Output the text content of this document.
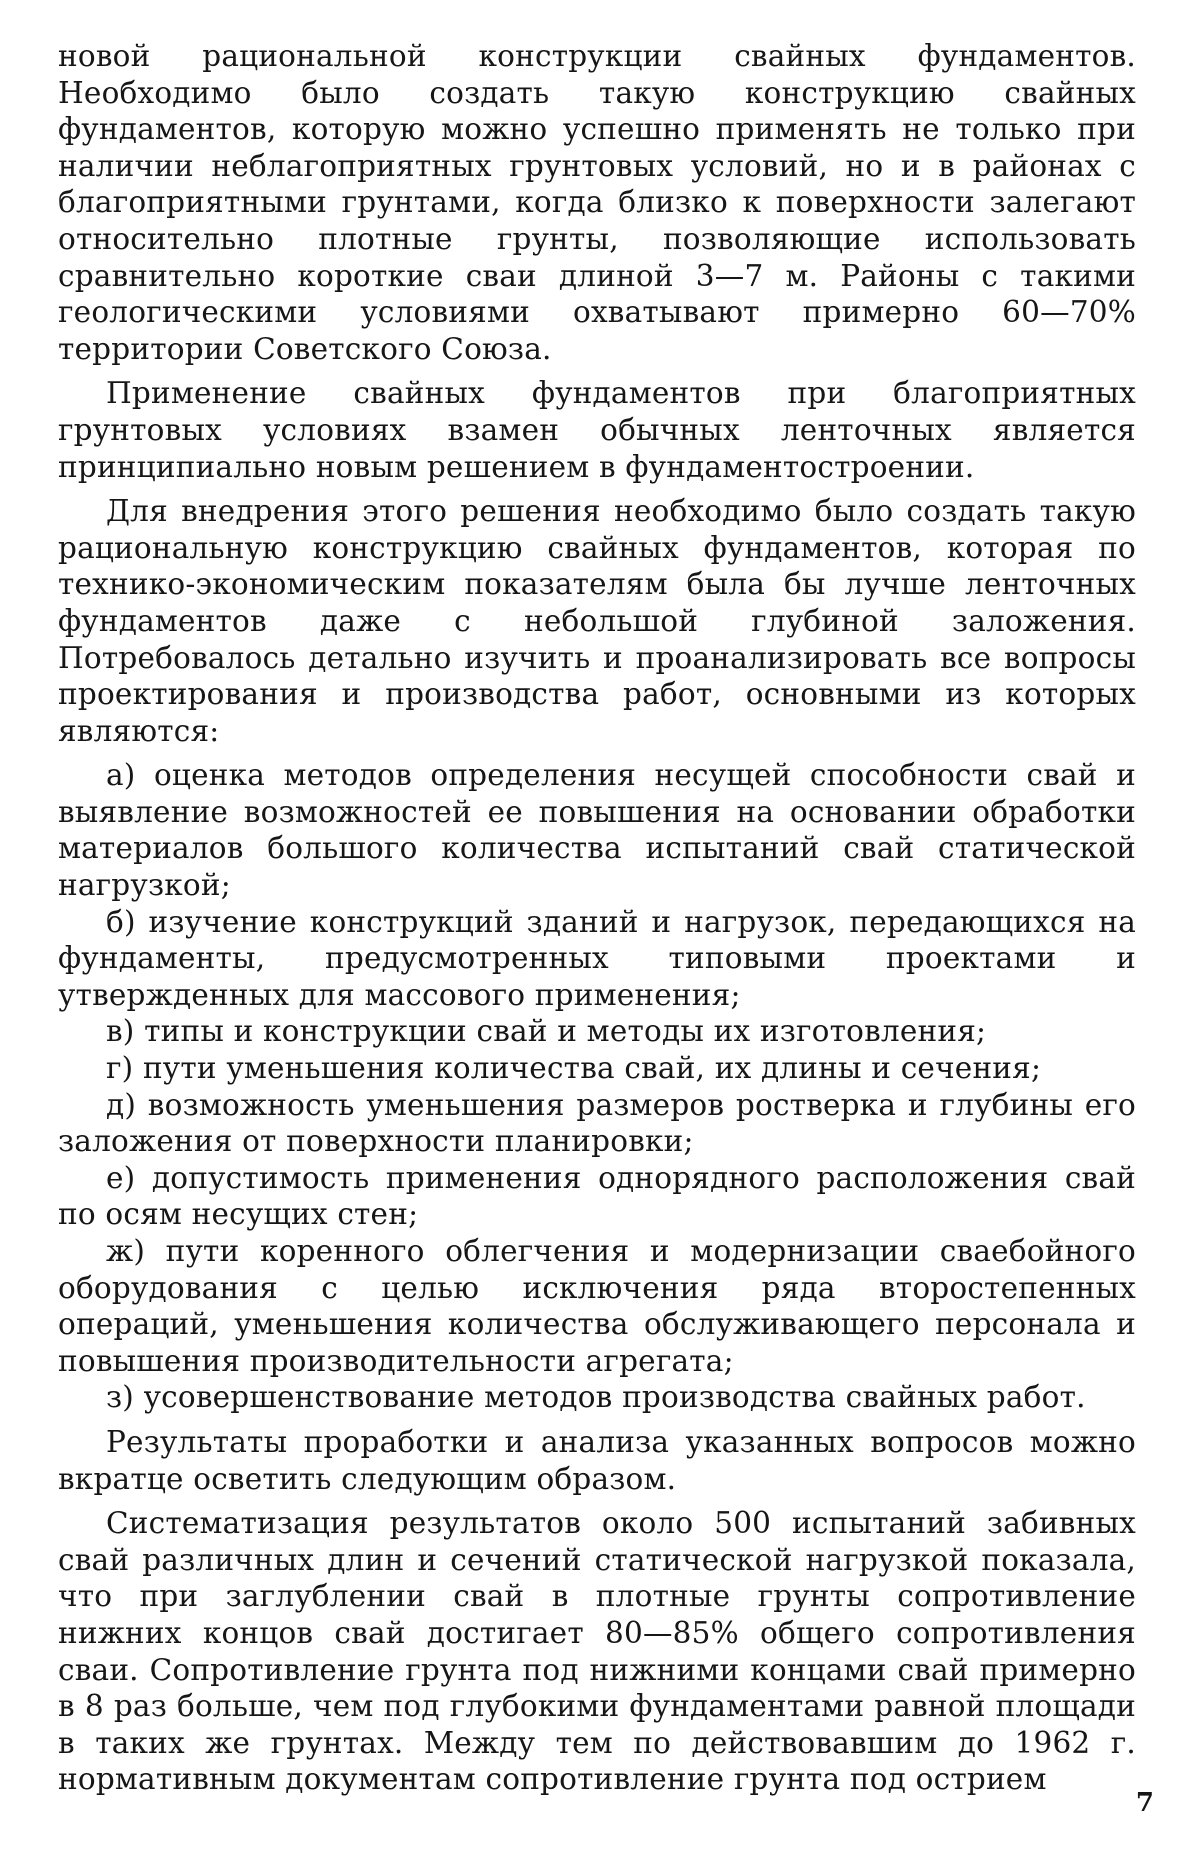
новой рациональной конструкции свайных фундаментов. Необходимо было создать такую конструкцию свайных фундаментов, которую можно успешно применять не только при наличии неблагоприятных грунтовых условий, но и в районах с благоприятными грунтами, когда близко к поверхности залегают относительно плотные грунты, позволяющие использовать сравнительно короткие сваи длиной 3—7 м. Районы с такими геологическими условиями охватывают примерно 60—70% территории Советского Союза.

Применение свайных фундаментов при благоприятных грунтовых условиях взамен обычных ленточных является принципиально новым решением в фундаментостроении.

Для внедрения этого решения необходимо было создать такую рациональную конструкцию свайных фундаментов, которая по технико-экономическим показателям была бы лучше ленточных фундаментов даже с небольшой глубиной заложения. Потребовалось детально изучить и проанализировать все вопросы проектирования и производства работ, основными из которых являются:

а) оценка методов определения несущей способности свай и выявление возможностей ее повышения на основании обработки материалов большого количества испытаний свай статической нагрузкой;

б) изучение конструкций зданий и нагрузок, передающихся на фундаменты, предусмотренных типовыми проектами и утвержденных для массового применения;

в) типы и конструкции свай и методы их изготовления;

г) пути уменьшения количества свай, их длины и сечения;

д) возможность уменьшения размеров ростверка и глубины его заложения от поверхности планировки;

е) допустимость применения однорядного расположения свай по осям несущих стен;

ж) пути коренного облегчения и модернизации сваебойного оборудования с целью исключения ряда второстепенных операций, уменьшения количества обслуживающего персонала и повышения производительности агрегата;

з) усовершенствование методов производства свайных работ.

Результаты проработки и анализа указанных вопросов можно вкратце осветить следующим образом.

Систематизация результатов около 500 испытаний забивных свай различных длин и сечений статической нагрузкой показала, что при заглублении свай в плотные грунты сопротивление нижних концов свай достигает 80—85% общего сопротивления сваи. Сопротивление грунта под нижними концами свай примерно в 8 раз больше, чем под глубокими фундаментами равной площади в таких же грунтах. Между тем по действовавшим до 1962 г. нормативным документам сопротивление грунта под острием

7
